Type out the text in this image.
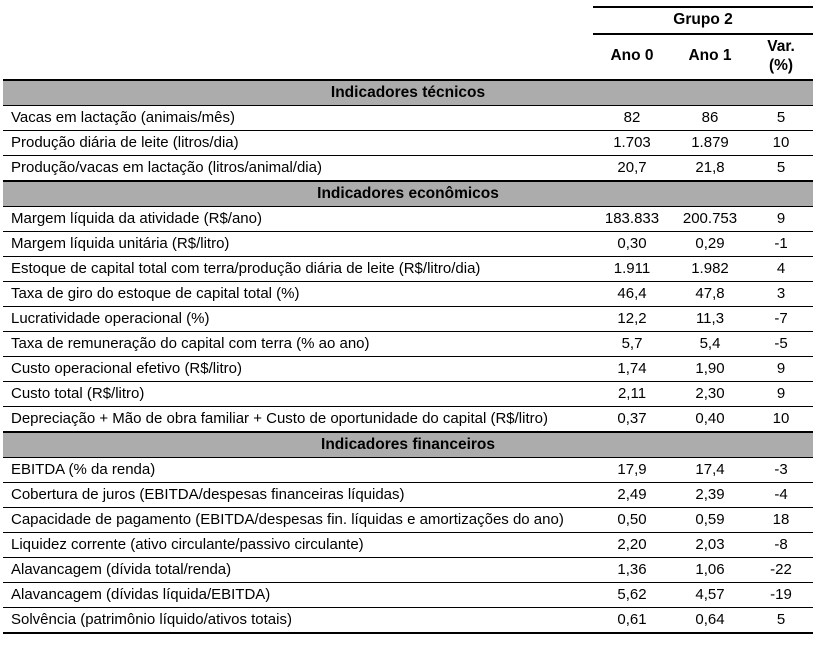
	Grupo 2		
	Ano 0	Ano 1	Var.
(%)

Indicadores técnicos			
Vacas em lactação (animais/mês)	82	86	5
Produção diária de leite (litros/dia)	1.703	1.879	10
Produção/vacas em lactação (litros/animal/dia)	20,7	21,8	5
Indicadores econômicos			
Margem líquida da atividade (R$/ano)	183.833	200.753	9
Margem líquida unitária (R$/litro)	0,30	0,29	-1
Estoque de capital total com terra/produção diária de leite (R$/litro/dia)	1.911	1.982	4
Taxa de giro do estoque de capital total (%)	46,4	47,8	3
Lucratividade operacional (%)	12,2	11,3	-7
Taxa de remuneração do capital com terra (% ao ano)	5,7	5,4	-5
Custo operacional efetivo (R$/litro)	1,74	1,90	9
Custo total (R$/litro)	2,11	2,30	9
Depreciação + Mão de obra familiar + Custo de oportunidade do capital (R$/litro)	0,37	0,40	10
Indicadores financeiros			
EBITDA (% da renda)	17,9	17,4	-3
Cobertura de juros (EBITDA/despesas financeiras líquidas)	2,49	2,39	-4
Capacidade de pagamento (EBITDA/despesas fin. líquidas e amortizações do ano)	0,50	0,59	18
Liquidez corrente (ativo circulante/passivo circulante)	2,20	2,03	-8
Alavancagem (dívida total/renda)	1,36	1,06	-22
Alavancagem (dívidas líquida/EBITDA)	5,62	4,57	-19
Solvência (patrimônio líquido/ativos totais)	0,61	0,64	5
